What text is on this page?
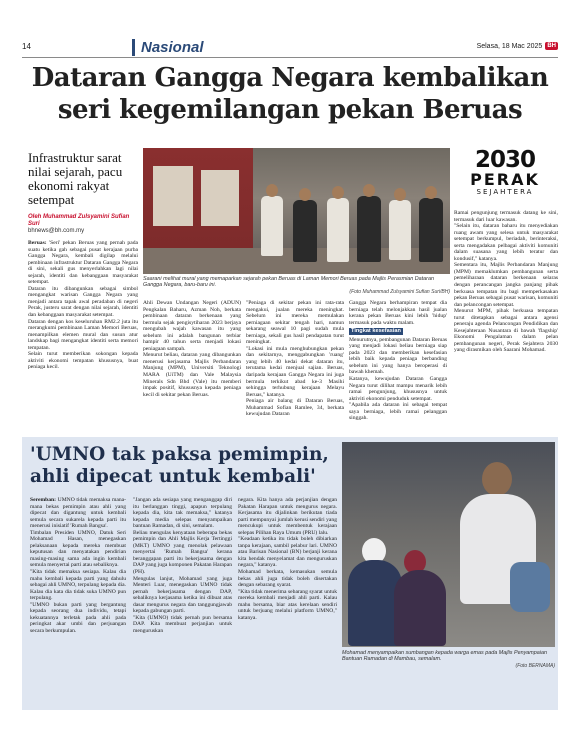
14	Nasional	Selasa, 18 Mac 2025 BH
Dataran Gangga Negara kembalikan seri kegemilangan pekan Beruas
Infrastruktur sarat nilai sejarah, pacu ekonomi rakyat setempat
Oleh Muhammad Zulsyamini Sufian Suri
bhnews@bh.com.my
Saarani melihat mural yang memaparkan sejarah pekan Beruas di Laman Memori Beruas pada Majlis Perasmian Dataran Gangga Negara, baru-baru ini.
(Foto Muhammad Zulsyamini Sufian Suri/BH)
2030
PERAK
SEJAHTERA

Beruas: 'Seri' pekan Beruas yang pernah pada suatu ketika gah sebagai pusat kerajaan purba Gangga Negara, kembali digilap melalui pembinaan infrastruktur Dataran Gangga Negara di sini, sekali gus menyerlahkan lagi nilai sejarah, identiti dan kebanggaan masyarakat setempat.

Dataran itu dibangunkan sebagai simbol mengangkat warisan Gangga Negara yang menjadi antara tapak awal peradaban di negeri Perak, justeru sarat dengan nilai sejarah, identiti dan kebanggaan masyarakat setempat.

Dataran dengan kos keseluruhan RM2.2 juta itu merangkumi pembinaan Laman Memori Beruas, menampilkan elemen mural dan susun atur landskap bagi mengangkat identiti serta memori tempatan.

Selain turut memberikan sokongan kepada aktiviti ekonomi tempatan khususnya, buat peniaga kecil.

Ahli Dewan Undangan Negeri (ADUN) Pengkalan Baharu, Azman Noh, berkata pembinaan dataran berkenaan yang bermula sejak pengisytiharan 2023 berjaya mengubah wajah kawasan itu yang sebelum ini adalah bangunan terbiar hampir 40 tahun serta menjadi lokasi peniagaan sampah.

Menurut beliau, dataran yang dibangunkan menerusi kerjasama Majlis Perbandaran Manjung (MPM), Universiti Teknologi MARA (UiTM) dan Vale Malaysia Minerals Sdn Bhd (Vale) itu memberi impak positif, khususnya kepada peniaga kecil di sekitar pekan Beruas.

"Peniaga di sekitar pekan ini rata-rata mengakui, jualan mereka meningkat. Sebelum ini mereka memulakan perniagaan sekitar tengah hari, namun sekarang seawal 10 pagi sudah mula berniaga, sekali gus hasil pendapatan turut meningkat.

"Lokasi ini mula menghubungkan pekan dan sekitarnya, menggabungkan 'ruang' yang lebih 40 kedai dekat dataran itu, terutama kedai menjual sajian. Beruas, daripada kerajaan Gangga Negara ini juga bermula terkikut abad ke-3 Masihi sehingga terhubung kerajaan Melayu Beruas," katanya.

Peniaga air balang di Dataran Beruas, Muhammad Sofian Ramlee, 34, berkata kewujudan Dataran

Gangga Negara berhampiran tempat dia berniaga telah melonjakkan hasil jualan kerana pekan Beruas kini lebih 'hidup' termasuk pada waktu malam.

Tingkat kesefasian

Menurutnya, pembangunan Dataran Beruas yang menjadi lokasi beliau berniaga siap pada 2023 dan memberikan kesefasian lebih baik kepada peniaga berbanding sebelum ini yang hanya beroperasi di bawah khemah.

Katanya, kewujudan Dataran Gangga Negara turut dilihat mampu menarik lebih ramai pengunjung, khususnya untuk aktiviti ekonomi penduduk setempat.

"Apabila ada dataran ini sebagai tempat saya berniaga, lebih ramai pelanggan singgah.

Ramai pengunjung termasuk datang ke sini, termasuk dari luar kawasan.

"Selain itu, dataran baharu itu menyediakan ruang awam yang selesa untuk masyarakat setempat berkumpul, beriadah, berinteraksi, serta mengadakan pelbagai aktiviti komuniti dalam suasana yang lebih teratur dan kondusif," katanya.

Sementara itu, Majlis Perbandaran Manjung (MPM) memaklumkan pembangunan serta pemeliharaan dataran berkenaan selaras dengan perancangan jangka panjang pihak berkuasa tempatan itu bagi memperkasakan pekan Beruas sebagai pusat warisan, komuniti dan pelancongan setempat.

Menurut MPM, pihak berkuasa tempatan turut ditetapkan sebagai antara agensi peneraju agenda Pelancongan Pendidikan dan Kesejahteraan Nusantara di bawah 'flagship' Ekonomi Pengalaman dalam pelan pembangunan negeri, Perak Sejahtera 2030 yang dirasmikan oleh Saarani Mohamad.

'UMNO tak paksa pemimpin, ahli dipecat untuk kembali'
Mohamad menyampaikan sumbangan kepada warga emas pada Majlis Penyampaian Bantuan Ramadan di Mambau, semalam.
(Foto BERNAMA)

Seremban: UMNO tidak memaksa mana-mana bekas pemimpin atau ahli yang dipecat dan digantung untuk kembali semula secara sukarela kepada parti itu menerusi inisiatif 'Rumah Bangsa'.

Timbalan Presiden UMNO, Datuk Seri Mohamad Hasan, menegaskan pelaksanaan kepada mereka membuat keputusan dan menyatakan pendirian masing-masing sama ada ingin kembali semula menyertai parti atau sebaliknya.

"Kita tidak memaksa sesiapa. Kalau dia mahu kembali kepada parti yang dahulu sebagai ahli UMNO, terpulang kepada dia. Kalau dia kata dia tidak suka UMNO pun terpulang.

"UMNO bukan parti yang bergantung kepada seorang dua individu, tetapi kekuatannya terletak pada ahli pada peringkat akar umbi dan perjuangan secara berkumpulan.

"Jangan ada sesiapa yang menganggap diri itu berlanggan tinggi, apapun terpulang kepada dia, kita tak memaksa," katanya kepada media selepas menyampaikan bantuan Ramadan, di sini, semalam.

Beliau mengulas kenyataan beberapa bekas pemimpin dan Ahli Majlis Kerja Tertinggi (MKT) UMNO yang menolak pelawaan menyertai 'Rumah Bangsa' kerana beranggapan parti itu bekerjasama dengan DAP yang juga komponen Pakatan Harapan (PH).

Mengulas lanjut, Mohamad yang juga Menteri Luar, menegaskan UMNO tidak pernah bekerjasama dengan DAP, sebaliknya kerjasama ketika ini dibuat atas dasar mengurus negara dan tanggungjawab kepada gabungan parti.

"Kita (UMNO) tidak pernah pun bersama DAP. Kita membuat perjanjian untuk menguruskan

negara. Kita hanya ada perjanjian dengan Pakatan Harapan untuk mengurus negara. Kerjasama itu dijalinkan berikutan tiada parti mempunyai jumlah kerusi sendiri yang mencukupi untuk membentuk kerajaan selepas Pilihan Raya Umum (PRU) lalu.

"Keadaan ketika itu tidak boleh dibiarkan tanpa kerajaan, sambil pelabur lari. UMNO atau Barisan Nasional (BN) berjanji kerana kita hendak menyelamat dan menguruskan negara," katanya.

Mohamad berkata, kemasukan semula bekas ahli juga tidak boleh disertakan dengan sebarang syarat.

"Kita tidak menerima sebarang syarat untuk mereka kembali menjadi ahli parti. Kalau mahu bersama, biar atas kerelaan sendiri untuk berjuang melalui platform UMNO," katanya.
